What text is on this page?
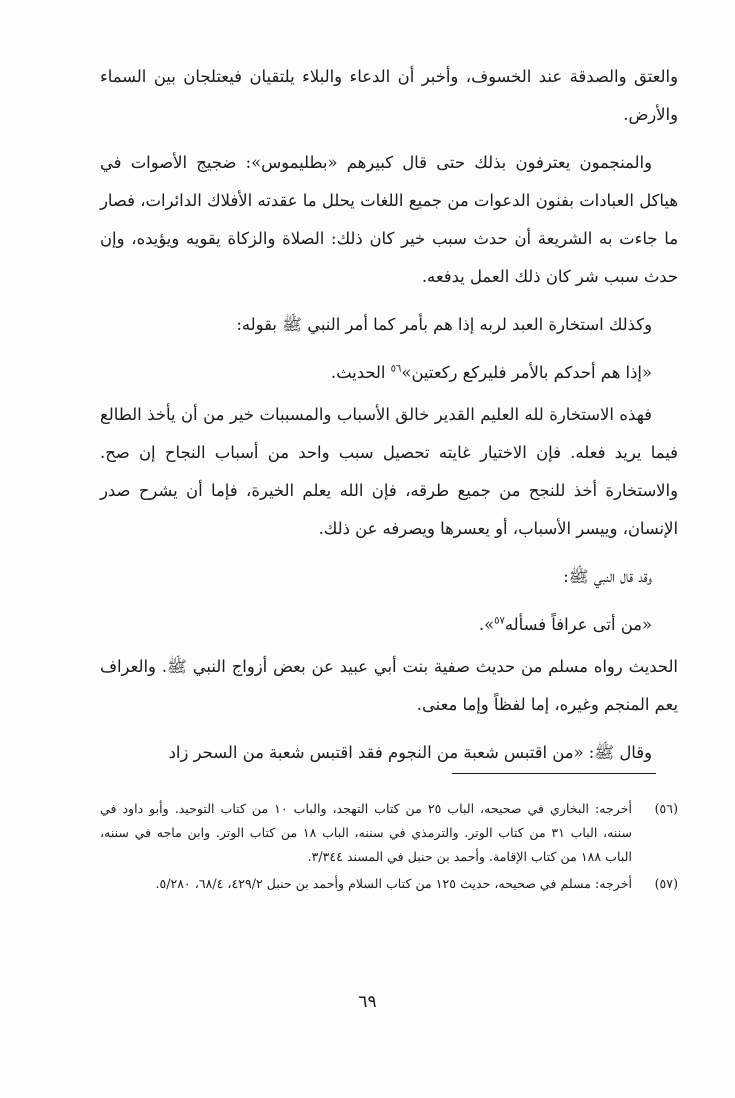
والعتق والصدقة عند الخسوف، وأخبر أن الدعاء والبلاء يلتقيان فيعتلجان بين السماء والأرض.

والمنجمون يعترفون بذلك حتى قال كبيرهم «بطليموس»: ضجيج الأصوات في هياكل العبادات بفنون الدعوات من جميع اللغات يحلل ما عقدته الأفلاك الدائرات، فصار ما جاءت به الشريعة أن حدث سبب خير كان ذلك: الصلاة والزكاة يقويه ويؤيده، وإن حدث سبب شر كان ذلك العمل يدفعه.

وكذلك استخارة العبد لربه إذا هم بأمر كما أمر النبي ﷺ بقوله:

«إذا هم أحدكم بالأمر فليركع ركعتين»$^{٥٦}$ الحديث.

فهذه الاستخارة لله العليم القدير خالق الأسباب والمسببات خير من أن يأخذ الطالع فيما يريد فعله. فإن الاختيار غايته تحصيل سبب واحد من أسباب النجاح إن صح. والاستخارة أخذ للنجح من جميع طرقه، فإن الله يعلم الخيرة، فإما أن يشرح صدر الإنسان، وييسر الأسباب، أو يعسرها ويصرفه عن ذلك.

وقد قال النبي ﷺ:

«من أتى عرافاً فسأله$^{٥٧}$».

الحديث رواه مسلم من حديث صفية بنت أبي عبيد عن بعض أزواج النبي ﷺ. والعراف يعم المنجم وغيره، إما لفظاً وإما معنى.

وقال ﷺ: «من اقتبس شعبة من النجوم فقد اقتبس شعبة من السحر زاد

(٥٦)
أخرجه: البخاري في صحيحه، الباب ٢٥ من كتاب التهجد، والباب ١٠ من كتاب التوحيد. وأبو داود في سننه، الباب ٣١ من كتاب الوتر. والترمذي في سننه، الباب ١٨ من كتاب الوتر. وابن ماجه في سننه، الباب ١٨٨ من كتاب الإقامة. وأحمد بن حنبل في المسند ٣/٣٤٤.
(٥٧)
أخرجه: مسلم في صحيحه، حديث ١٢٥ من كتاب السلام وأحمد بن حنبل ٤٢٩/٢، ٦٨/٤، ٥/٢٨٠.
٦٩
